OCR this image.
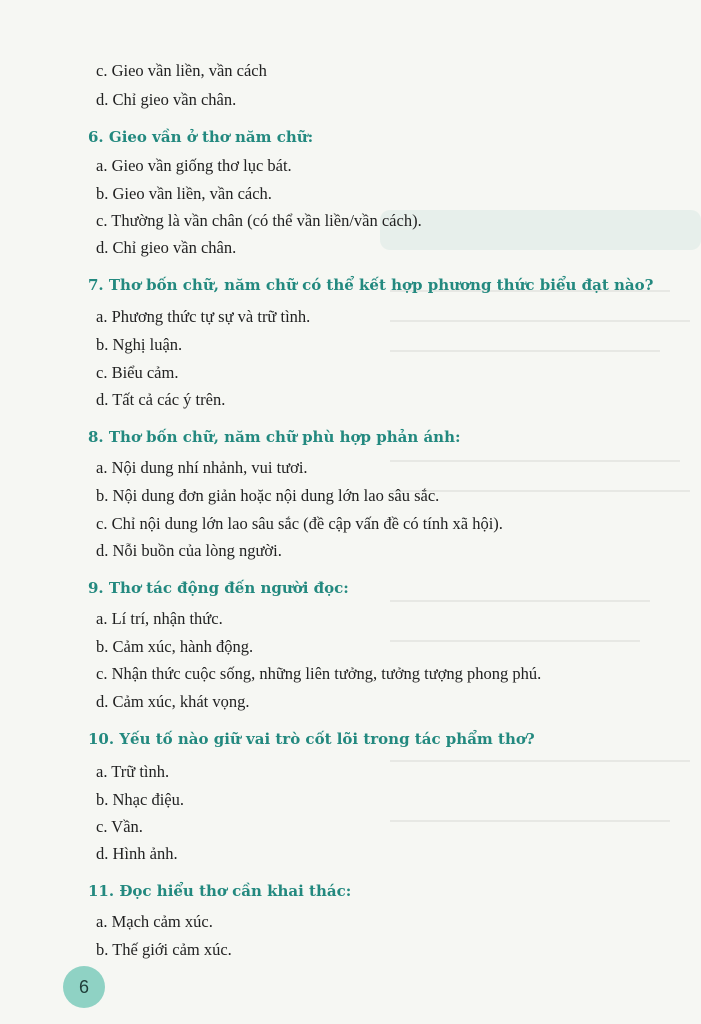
c. Gieo vần liền, vần cách

d. Chỉ gieo vần chân.

6. Gieo vần ở thơ năm chữ:

a. Gieo vần giống thơ lục bát.

b. Gieo vần liền, vần cách.

c. Thường là vần chân (có thể vần liền/vần cách).

d. Chỉ gieo vần chân.

7. Thơ bốn chữ, năm chữ có thể kết hợp phương thức biểu đạt nào?

a. Phương thức tự sự và trữ tình.

b. Nghị luận.

c. Biểu cảm.

d. Tất cả các ý trên.

8. Thơ bốn chữ, năm chữ phù hợp phản ánh:

a. Nội dung nhí nhảnh, vui tươi.

b. Nội dung đơn giản hoặc nội dung lớn lao sâu sắc.

c. Chỉ nội dung lớn lao sâu sắc (đề cập vấn đề có tính xã hội).

d. Nỗi buồn của lòng người.

9. Thơ tác động đến người đọc:

a. Lí trí, nhận thức.

b. Cảm xúc, hành động.

c. Nhận thức cuộc sống, những liên tưởng, tưởng tượng phong phú.

d. Cảm xúc, khát vọng.

10. Yếu tố nào giữ vai trò cốt lõi trong tác phẩm thơ?

a. Trữ tình.

b. Nhạc điệu.

c. Vần.

d. Hình ảnh.

11. Đọc hiểu thơ cần khai thác:

a. Mạch cảm xúc.

b. Thế giới cảm xúc.

6
